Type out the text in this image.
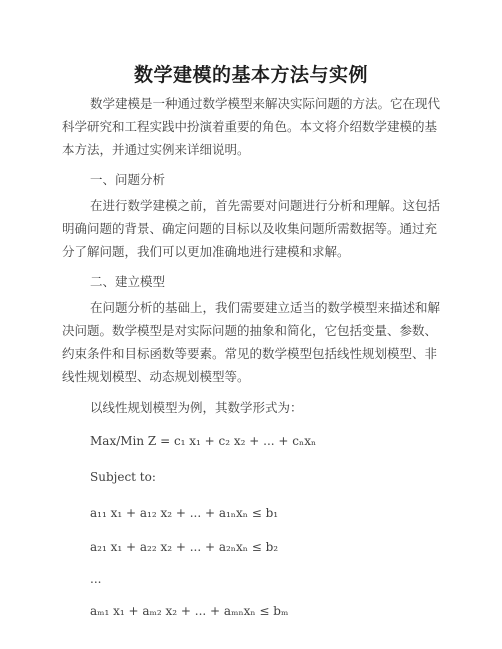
数学建模的基本方法与实例

数学建模是一种通过数学模型来解决实际问题的方法。它在现代科学研究和工程实践中扮演着重要的角色。本文将介绍数学建模的基本方法，并通过实例来详细说明。

一、问题分析

在进行数学建模之前，首先需要对问题进行分析和理解。这包括明确问题的背景、确定问题的目标以及收集问题所需数据等。通过充分了解问题，我们可以更加准确地进行建模和求解。

二、建立模型

在问题分析的基础上，我们需要建立适当的数学模型来描述和解决问题。数学模型是对实际问题的抽象和简化，它包括变量、参数、约束条件和目标函数等要素。常见的数学模型包括线性规划模型、非线性规划模型、动态规划模型等。

以线性规划模型为例，其数学形式为：

Max/Min Z = c₁ x₁ + c₂ x₂ + ... + cₙxₙ

Subject to:

a₁₁ x₁ + a₁₂ x₂ + ... + a₁ₙxₙ ≤ b₁

a₂₁ x₁ + a₂₂ x₂ + ... + a₂ₙxₙ ≤ b₂

...

aₘ₁ x₁ + aₘ₂ x₂ + ... + aₘₙxₙ ≤ bₘ
